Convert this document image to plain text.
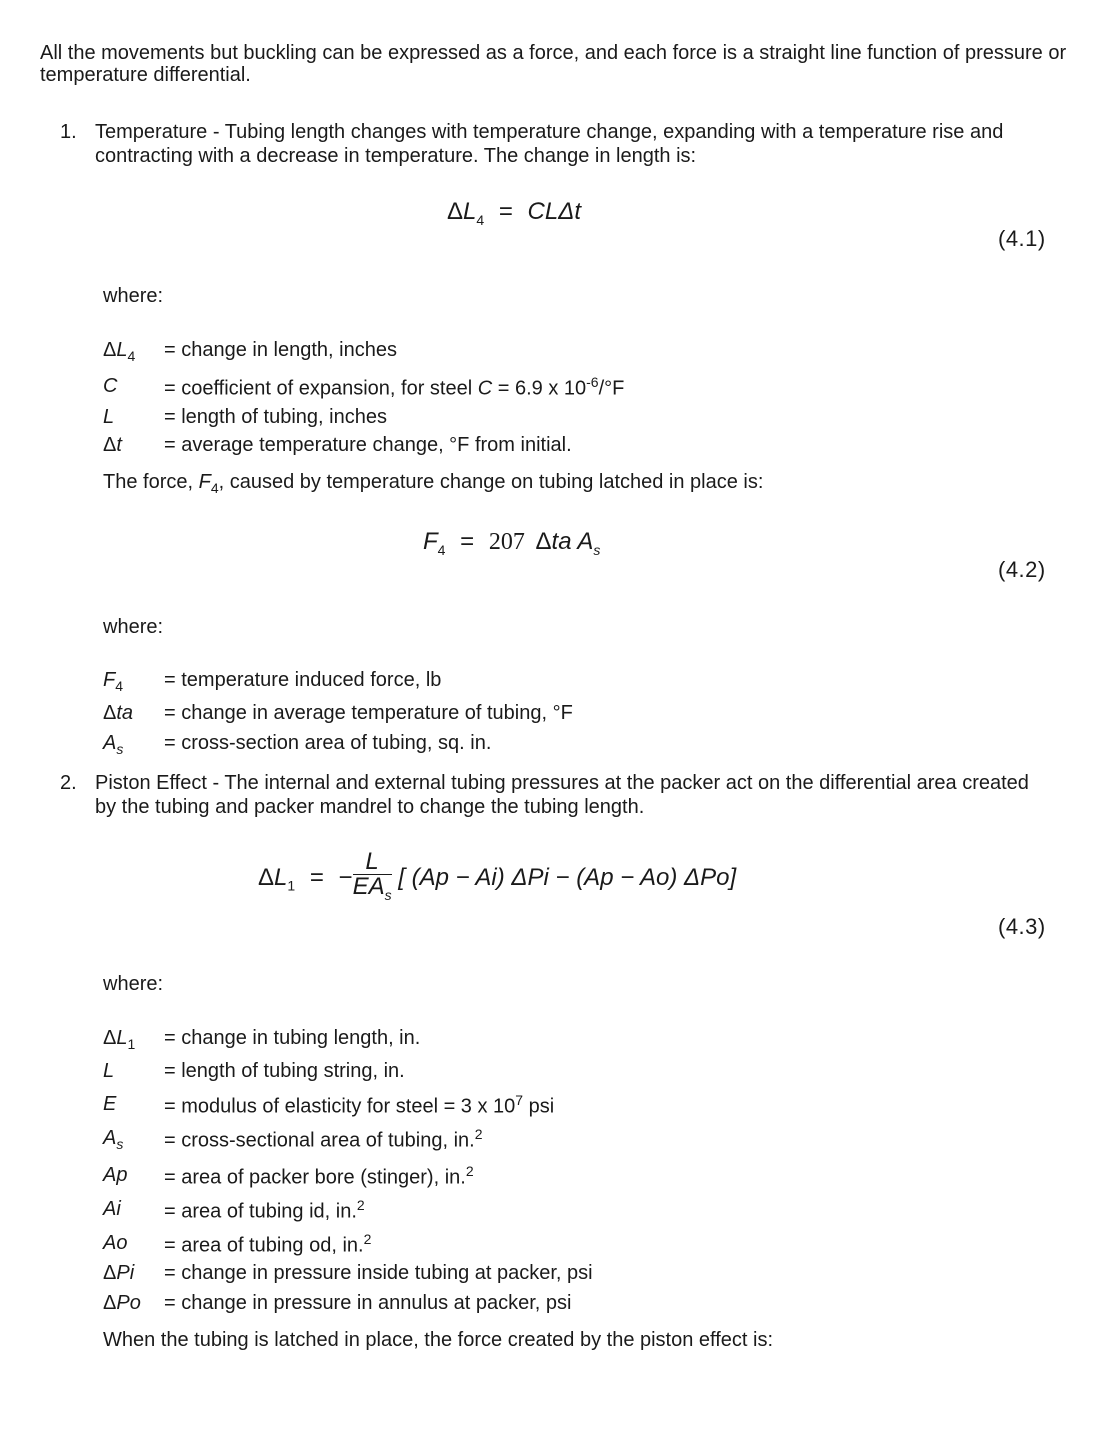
All the movements but buckling can be expressed as a force, and each force is a straight line function of pressure or temperature differential.
1. Temperature - Tubing length changes with temperature change, expanding with a temperature rise and contracting with a decrease in temperature. The change in length is:
$\Delta L_4 = CL\Delta t$
(4.1)
where:
$\Delta L_4$ = change in length, inches
C = coefficient of expansion, for steel C = 6.9 x $10^{-6}/^\circ F$
L = length of tubing, inches
Δt = average temperature change, °F from initial.
The force, $F_4$, caused by temperature change on tubing latched in place is:
$F_4 = 207$ Δta $A_s$
(4.2)
where:
$F_4$ = temperature induced force, lb
Δta = change in average temperature of tubing, °F
$A_s$ = cross-section area of tubing, sq. in.
2. Piston Effect - The internal and external tubing pressures at the packer act on the differential area created by the tubing and packer mandrel to change the tubing length.
$\Delta L_1$ = − $\frac{L}{EA_s}$ [ (Ap − Ai) ΔPi − (Ap − Ao) ΔPo]
(4.3)
where:
$\Delta L_1$ = change in tubing length, in.
L = length of tubing string, in.
E = modulus of elasticity for steel = 3 x $10^7$ psi
$A_s$ = cross-sectional area of tubing, in.$^2$
Ap = area of packer bore (stinger), in.$^2$
Ai = area of tubing id, in.$^2$
Ao = area of tubing od, in.$^2$
ΔPi = change in pressure inside tubing at packer, psi
ΔPo = change in pressure in annulus at packer, psi
When the tubing is latched in place, the force created by the piston effect is:
